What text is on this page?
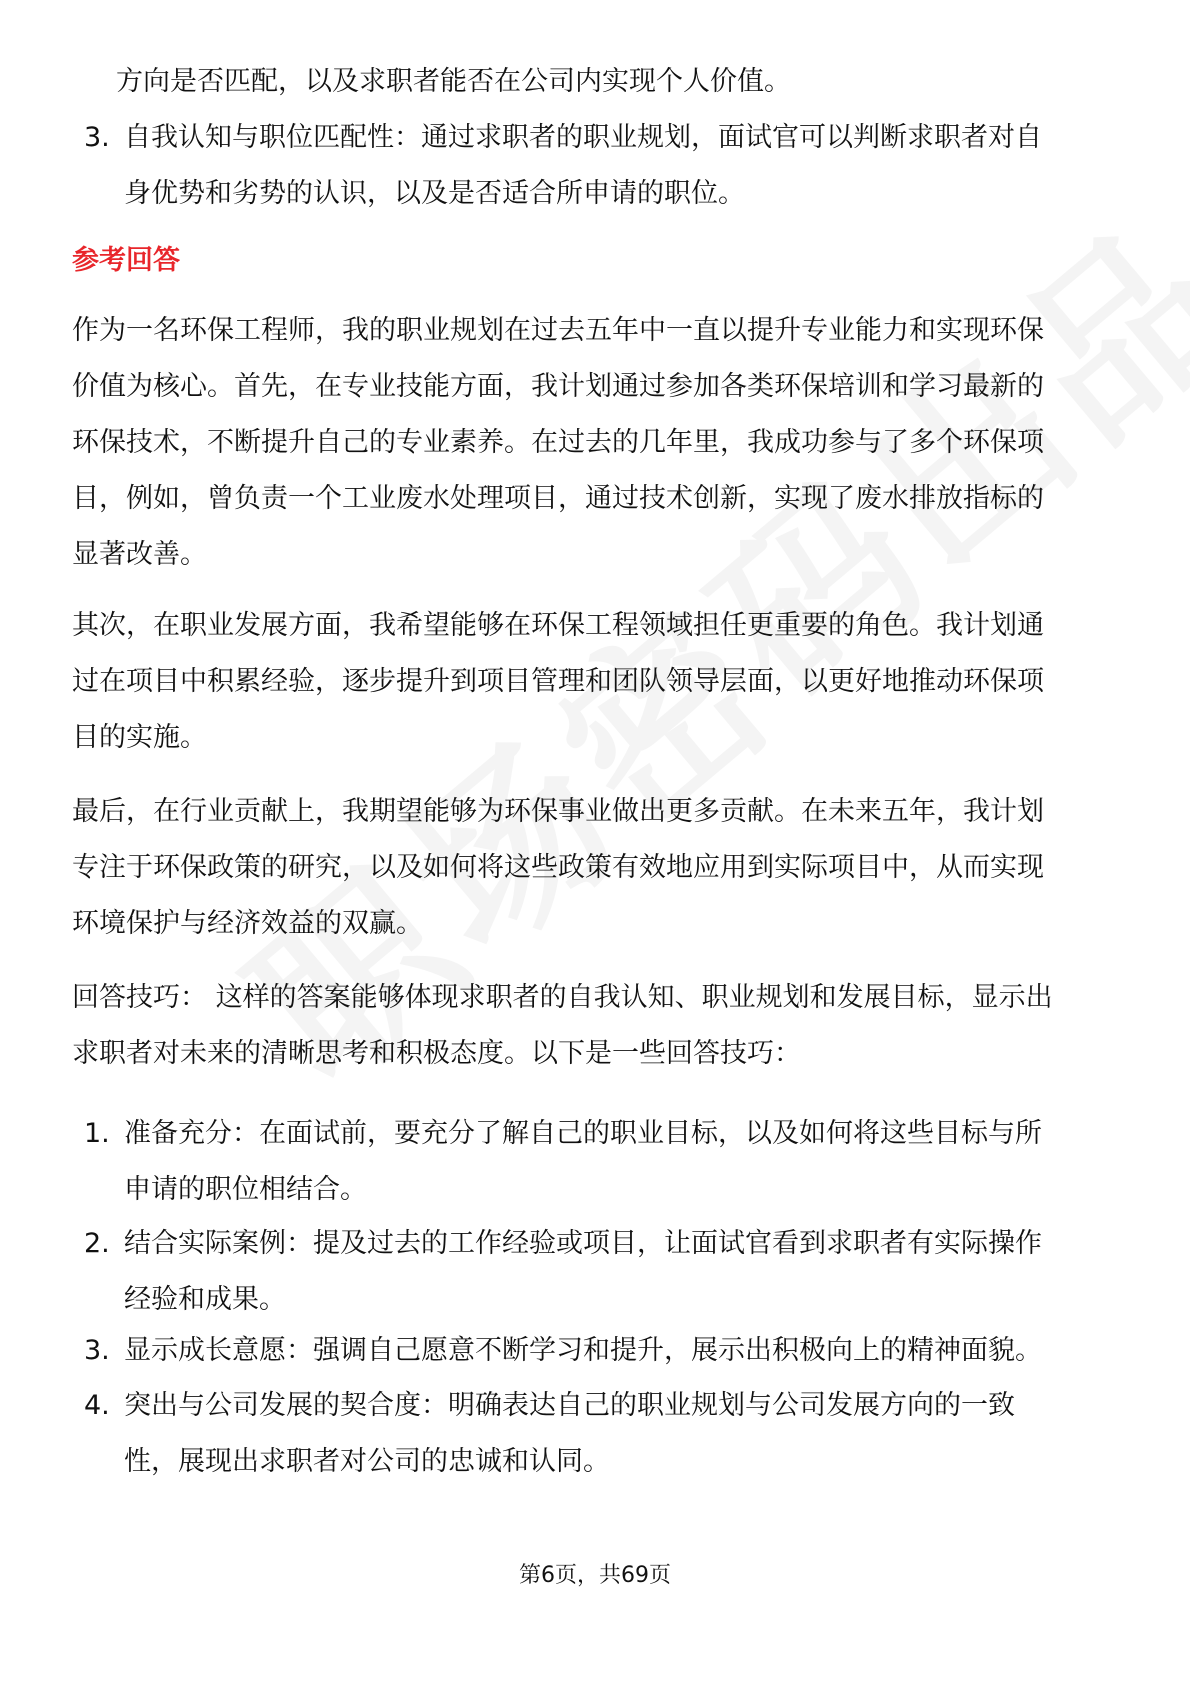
方向是否匹配，以及求职者能否在公司内实现个人价值。
3. 自我认知与职位匹配性：通过求职者的职业规划，面试官可以判断求职者对自
身优势和劣势的认识，以及是否适合所申请的职位。
参考回答
作为一名环保工程师，我的职业规划在过去五年中一直以提升专业能力和实现环保
价值为核心。首先，在专业技能方面，我计划通过参加各类环保培训和学习最新的
环保技术，不断提升自己的专业素养。在过去的几年里，我成功参与了多个环保项
目，例如，曾负责一个工业废水处理项目，通过技术创新，实现了废水排放指标的
显著改善。
其次，在职业发展方面，我希望能够在环保工程领域担任更重要的角色。我计划通
过在项目中积累经验，逐步提升到项目管理和团队领导层面，以更好地推动环保项
目的实施。
最后，在行业贡献上，我期望能够为环保事业做出更多贡献。在未来五年，我计划
专注于环保政策的研究，以及如何将这些政策有效地应用到实际项目中，从而实现
环境保护与经济效益的双赢。
回答技巧： 这样的答案能够体现求职者的自我认知、职业规划和发展目标，显示出
求职者对未来的清晰思考和积极态度。以下是一些回答技巧：
1. 准备充分：在面试前，要充分了解自己的职业目标，以及如何将这些目标与所
申请的职位相结合。
2. 结合实际案例：提及过去的工作经验或项目，让面试官看到求职者有实际操作
经验和成果。
3. 显示成长意愿：强调自己愿意不断学习和提升，展示出积极向上的精神面貌。
4. 突出与公司发展的契合度：明确表达自己的职业规划与公司发展方向的一致
性，展现出求职者对公司的忠诚和认同。
第6页，共69页
